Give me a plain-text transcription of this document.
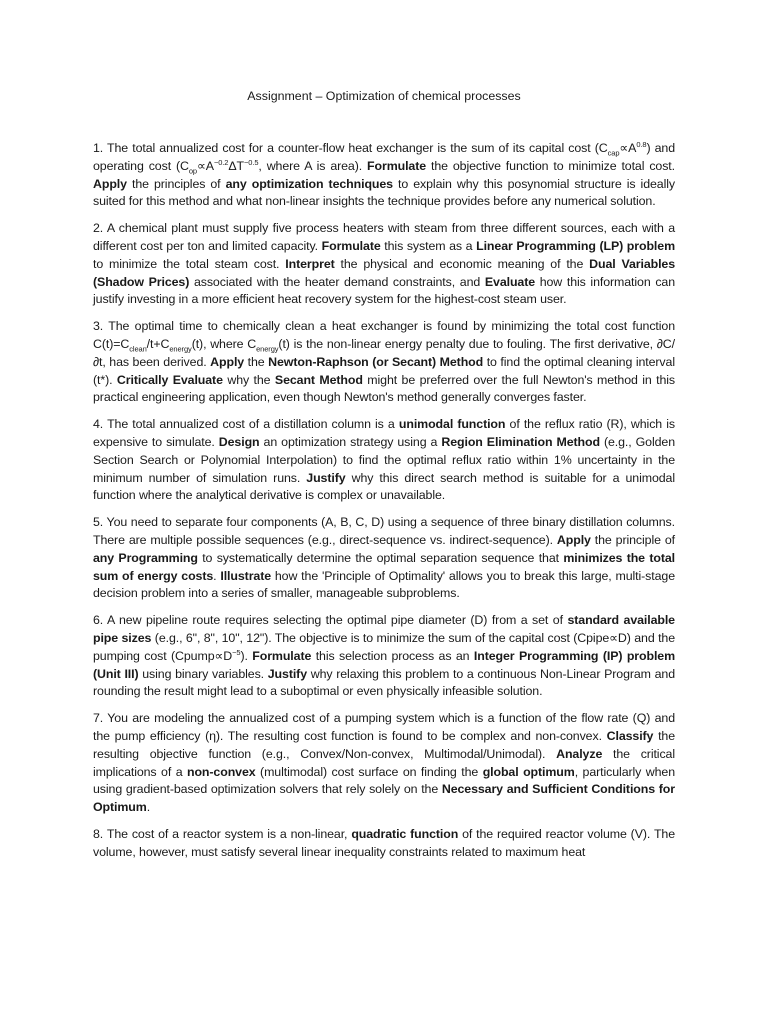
Assignment – Optimization of chemical processes

1. The total annualized cost for a counter-flow heat exchanger is the sum of its capital cost $(C_{cap}\propto A^{0.8})$ and operating cost ($C_{op}\propto A^{-0.2}\Delta T^{-0.5}$, where A is area). Formulate the objective function to minimize total cost. Apply the principles of any optimization techniques to explain why this posynomial structure is ideally suited for this method and what non-linear insights the technique provides before any numerical solution.

2. A chemical plant must supply five process heaters with steam from three different sources, each with a different cost per ton and limited capacity. Formulate this system as a Linear Programming (LP) problem to minimize the total steam cost. Interpret the physical and economic meaning of the Dual Variables (Shadow Prices) associated with the heater demand constraints, and Evaluate how this information can justify investing in a more efficient heat recovery system for the highest-cost steam user.

3. The optimal time to chemically clean a heat exchanger is found by minimizing the total cost function $C(t)=C_{clean}/t+C_{energy}(t)$, where $C_{energy}(t)$ is the non-linear energy penalty due to fouling. The first derivative, ∂C/∂t, has been derived. Apply the Newton-Raphson (or Secant) Method to find the optimal cleaning interval (t*). Critically Evaluate why the Secant Method might be preferred over the full Newton's method in this practical engineering application, even though Newton's method generally converges faster.

4. The total annualized cost of a distillation column is a unimodal function of the reflux ratio (R), which is expensive to simulate. Design an optimization strategy using a Region Elimination Method (e.g., Golden Section Search or Polynomial Interpolation) to find the optimal reflux ratio within 1% uncertainty in the minimum number of simulation runs. Justify why this direct search method is suitable for a unimodal function where the analytical derivative is complex or unavailable.

5. You need to separate four components (A, B, C, D) using a sequence of three binary distillation columns. There are multiple possible sequences (e.g., direct-sequence vs. indirect-sequence). Apply the principle of any Programming to systematically determine the optimal separation sequence that minimizes the total sum of energy costs. Illustrate how the 'Principle of Optimality' allows you to break this large, multi-stage decision problem into a series of smaller, manageable subproblems.

6. A new pipeline route requires selecting the optimal pipe diameter (D) from a set of standard available pipe sizes (e.g., 6", 8", 10", 12"). The objective is to minimize the sum of the capital cost (Cpipe∝D) and the pumping cost $(Cpump\propto D^{-5})$. Formulate this selection process as an Integer Programming (IP) problem (Unit III) using binary variables. Justify why relaxing this problem to a continuous Non-Linear Program and rounding the result might lead to a suboptimal or even physically infeasible solution.

7. You are modeling the annualized cost of a pumping system which is a function of the flow rate (Q) and the pump efficiency (η). The resulting cost function is found to be complex and non-convex. Classify the resulting objective function (e.g., Convex/Non-convex, Multimodal/Unimodal). Analyze the critical implications of a non-convex (multimodal) cost surface on finding the global optimum, particularly when using gradient-based optimization solvers that rely solely on the Necessary and Sufficient Conditions for Optimum.

8. The cost of a reactor system is a non-linear, quadratic function of the required reactor volume (V). The volume, however, must satisfy several linear inequality constraints related to maximum heat
